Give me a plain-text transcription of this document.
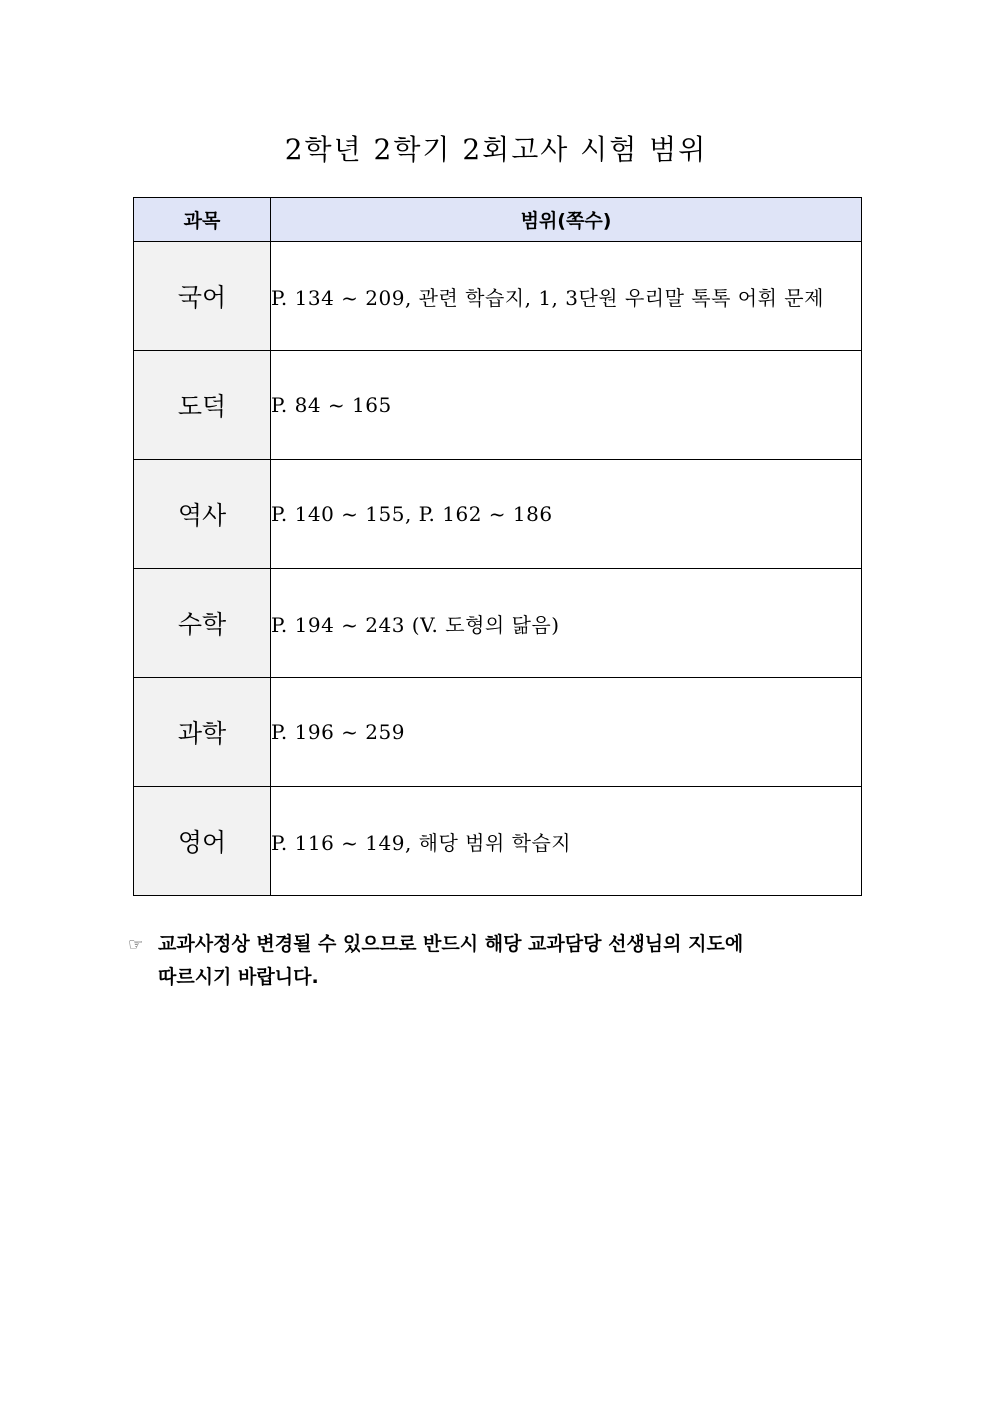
2학년 2학기 2회고사 시험 범위
과목	범위(쪽수)
국어	P. 134 ~ 209, 관련 학습지, 1, 3단원 우리말 톡톡 어휘 문제
도덕	P. 84 ~ 165
역사	P. 140 ~ 155, P. 162 ~ 186
수학	P. 194 ~ 243 (V. 도형의 닮음)
과학	P. 196 ~ 259
영어	P. 116 ~ 149, 해당 범위 학습지
☞ 교과사정상 변경될 수 있으므로 반드시 해당 교과담당 선생님의 지도에
따르시기 바랍니다.
